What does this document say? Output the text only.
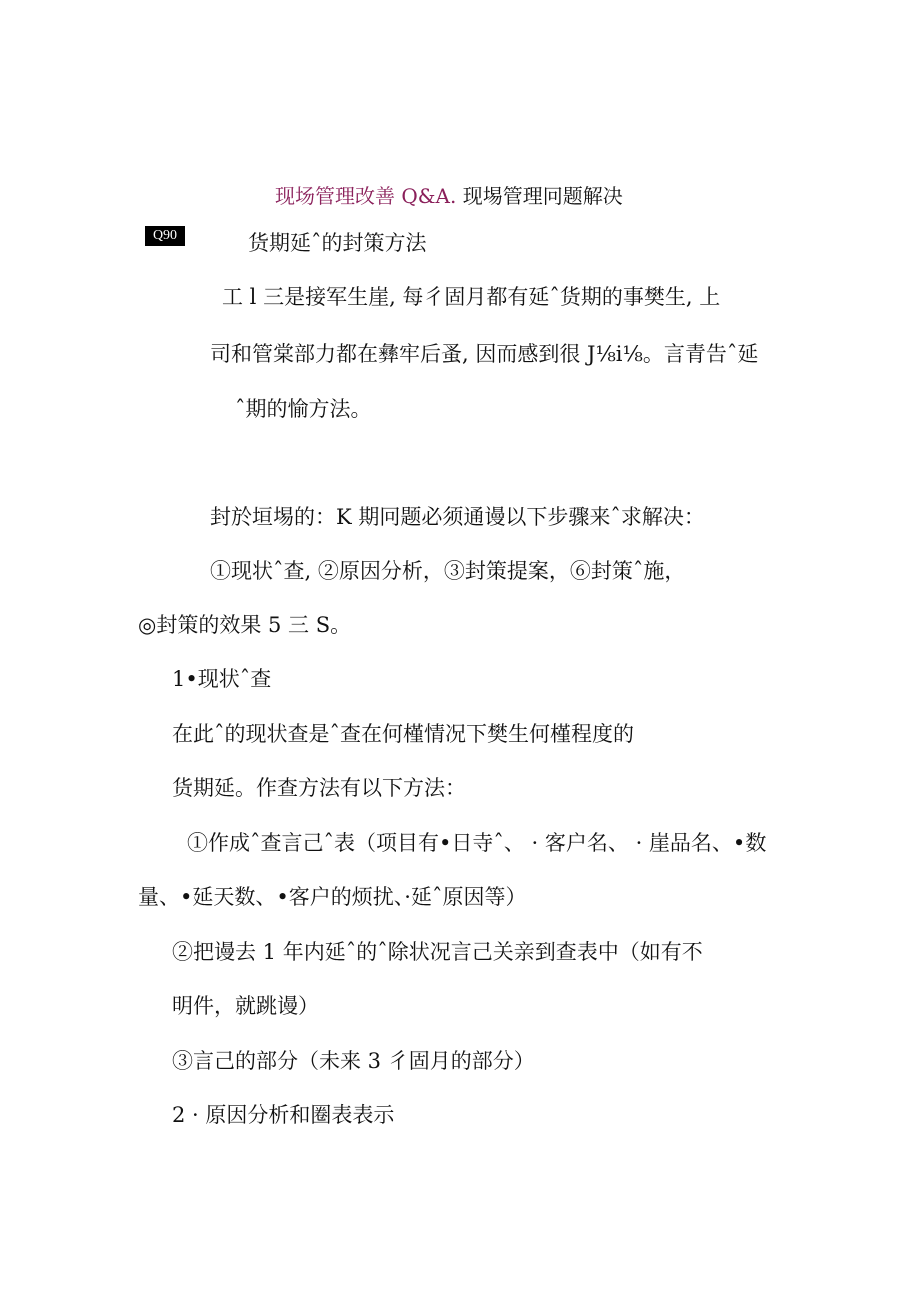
现场管理改善 Q&A. 现埸管理冋题解决
Q90	货期延ˆ的封策方法

工 l 三是接军生崖, 每彳固月都有延ˆ货期的事樊生, 上

司和管棠部力都在彝牢后蚤, 因而感到很 J⅛i⅛。言青告ˆ延

ˆ期的愉方法。

封於垣埸的：K 期冋题必须通谩以下步骤来ˆ求解决：

①现状ˆ查, ②原因分析，③封策提案，⑥封策ˆ施，

◎封策的效果 5 三 S。

1•现状ˆ查

在此ˆ的现状查是ˆ查在何槿情况下樊生何槿程度的

货期延。作查方法有以下方法：

①作成ˆ查言己ˆ表（项目有•日寺ˆ、 · 客户名、 · 崖品名、•数

量、•延天数、•客户的烦扰、·延ˆ原因等）

②把谩去 1 年内延ˆ的ˆ除状况言己关亲到查表中（如有不

明件，就跳谩）

③言己的部分（未来 3 彳固月的部分）

2 · 原因分析和圈表表示
